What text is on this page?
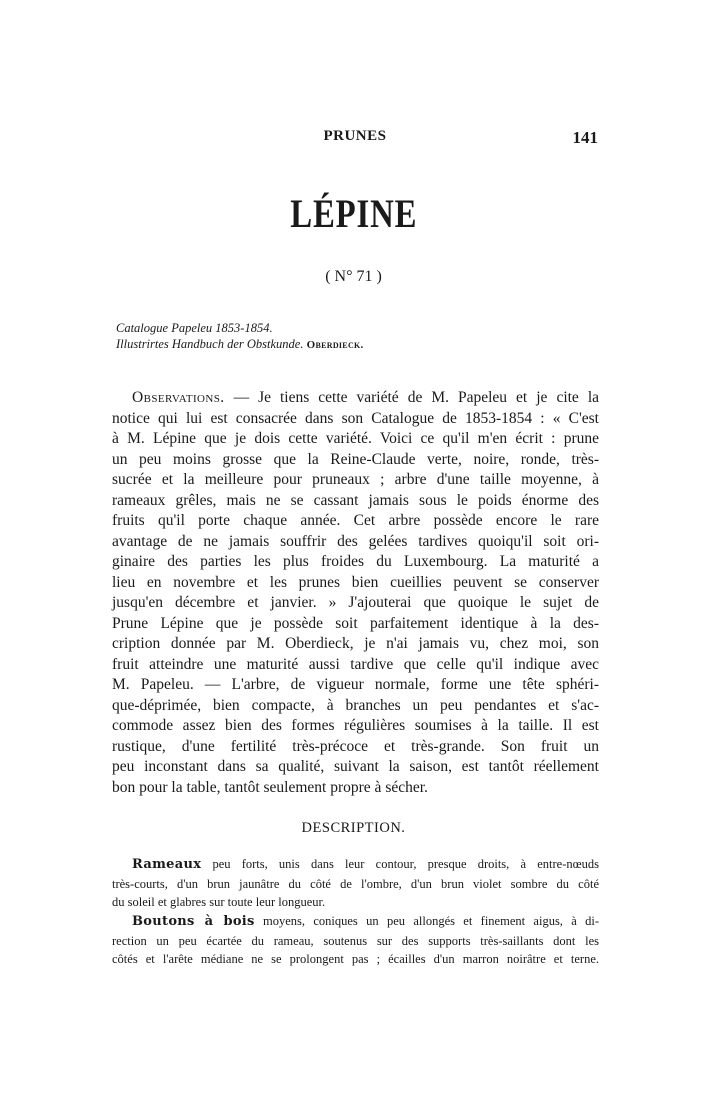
PRUNES	141
LÉPINE
( N° 71 )
Catalogue Papeleu 1853-1854.
Illustrirtes Handbuch der Obstkunde. Oberdieck.
Observations. — Je tiens cette variété de M. Papeleu et je cite la
notice qui lui est consacrée dans son Catalogue de 1853-1854 : « C'est
à M. Lépine que je dois cette variété. Voici ce qu'il m'en écrit : prune
un peu moins grosse que la Reine-Claude verte, noire, ronde, très-
sucrée et la meilleure pour pruneaux ; arbre d'une taille moyenne, à
rameaux grêles, mais ne se cassant jamais sous le poids énorme des
fruits qu'il porte chaque année. Cet arbre possède encore le rare
avantage de ne jamais souffrir des gelées tardives quoiqu'il soit ori-
ginaire des parties les plus froides du Luxembourg. La maturité a
lieu en novembre et les prunes bien cueillies peuvent se conserver
jusqu'en décembre et janvier. » J'ajouterai que quoique le sujet de
Prune Lépine que je possède soit parfaitement identique à la des-
cription donnée par M. Oberdieck, je n'ai jamais vu, chez moi, son
fruit atteindre une maturité aussi tardive que celle qu'il indique avec
M. Papeleu. — L'arbre, de vigueur normale, forme une tête sphéri-
que-déprimée, bien compacte, à branches un peu pendantes et s'ac-
commode assez bien des formes régulières soumises à la taille. Il est
rustique, d'une fertilité très-précoce et très-grande. Son fruit un
peu inconstant dans sa qualité, suivant la saison, est tantôt réellement
bon pour la table, tantôt seulement propre à sécher.
DESCRIPTION.
Rameaux peu forts, unis dans leur contour, presque droits, à entre-nœuds
très-courts, d'un brun jaunâtre du côté de l'ombre, d'un brun violet sombre du côté
du soleil et glabres sur toute leur longueur.
Boutons à bois moyens, coniques un peu allongés et finement aigus, à di-
rection un peu écartée du rameau, soutenus sur des supports très-saillants dont les
côtés et l'arête médiane ne se prolongent pas ; écailles d'un marron noirâtre et terne.
